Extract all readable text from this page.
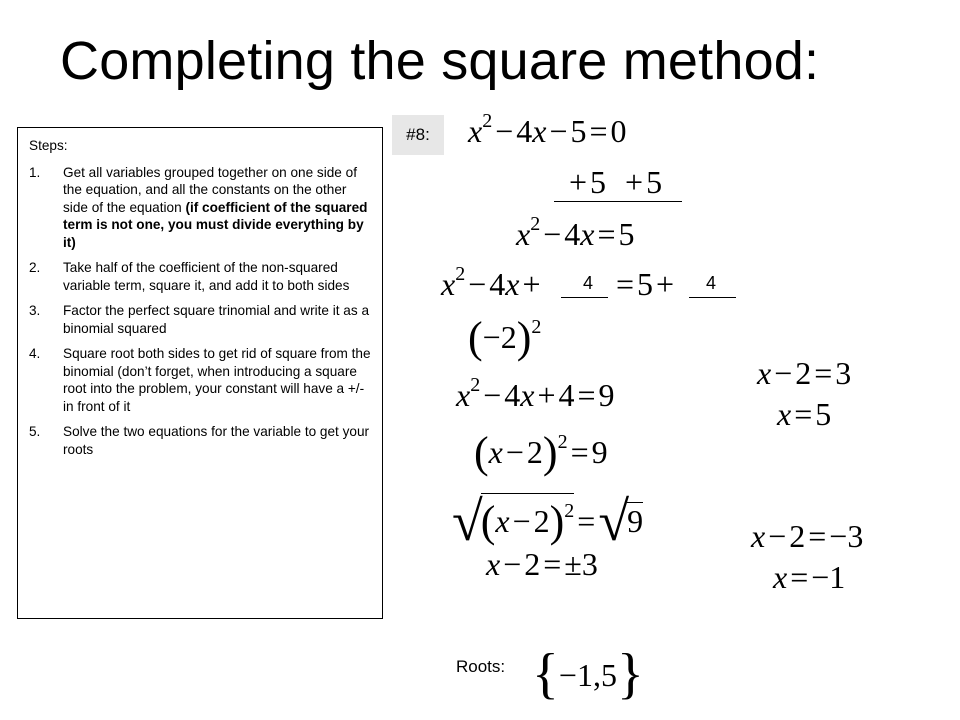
Completing the square method:
Steps:
1. Get all variables grouped together on one side of the equation, and all the constants on the other side of the equation (if coefficient of the squared term is not one, you must divide everything by it)
2. Take half of the coefficient of the non-squared variable term, square it, and add it to both sides
3. Factor the perfect square trinomial and write it as a binomial squared
4. Square root both sides to get rid of square from the binomial (don’t forget, when introducing a square root into the problem, your constant will have a +/- in front of it
5. Solve the two equations for the variable to get your roots
#8:	$x^2-4x-5=0$
+5  +5
$x^2-4x=5$
$x^2-4x+ 4 =5+ 4$
$(-2)^2$
$x^2-4x+4=9$
$(x-2)^2=9$
$√(x-2)^2=√9$
x−2=±3
x−2=3
x=5
x−2=−3
x=−1
Roots: {−1,5}
